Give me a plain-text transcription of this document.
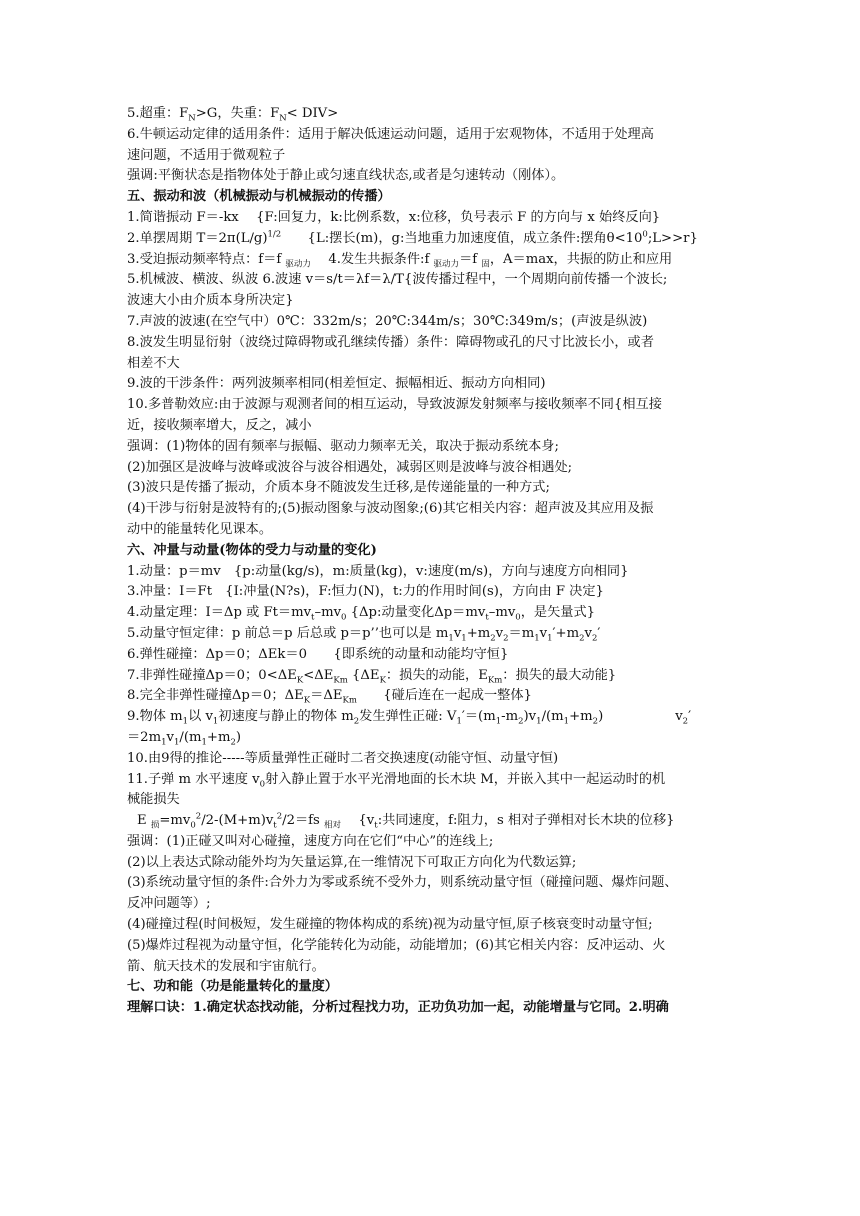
5.超重：$F_N>G$，失重：$F_N< DIV>$
6.牛顿运动定律的适用条件：适用于解决低速运动问题，适用于宏观物体，不适用于处理高
速问题，不适用于微观粒子
强调:平衡状态是指物体处于静止或匀速直线状态,或者是匀速转动（刚体）。
五、振动和波（机械振动与机械振动的传播）
1.简谐振动 F＝-kx　 {F:回复力，k:比例系数，x:位移，负号表示 F 的方向与 x 始终反向}
2.单摆周期 $T=2\pi(L/g)^{1/2}$　　{L:摆长(m)，g:当地重力加速度值，成立条件:摆角$\theta<10^0;L>>r$}
3.受迫振动频率特点：f＝f $_{驱动力}$　 4.发生共振条件:f $_{驱动力}$＝f $_固$，A＝max，共振的防止和应用
5.机械波、横波、纵波 6.波速 v＝s/t＝λf＝λ/T{波传播过程中，一个周期向前传播一个波长;
波速大小由介质本身所决定}
7.声波的波速(在空气中）0℃：332m/s；20℃:344m/s；30℃:349m/s；(声波是纵波)
8.波发生明显衍射（波绕过障碍物或孔继续传播）条件：障碍物或孔的尺寸比波长小，或者
相差不大
9.波的干涉条件：两列波频率相同(相差恒定、振幅相近、振动方向相同)
10.多普勒效应:由于波源与观测者间的相互运动，导致波源发射频率与接收频率不同{相互接
近，接收频率增大，反之，减小
强调：(1)物体的固有频率与振幅、驱动力频率无关，取决于振动系统本身;
(2)加强区是波峰与波峰或波谷与波谷相遇处，减弱区则是波峰与波谷相遇处;
(3)波只是传播了振动，介质本身不随波发生迁移,是传递能量的一种方式;
(4)干涉与衍射是波特有的;(5)振动图象与波动图象;(6)其它相关内容：超声波及其应用及振
动中的能量转化见课本。
六、冲量与动量(物体的受力与动量的变化)
1.动量：p＝mv　{p:动量(kg/s)，m:质量(kg)，v:速度(m/s)，方向与速度方向相同}
3.冲量：I＝Ft　{I:冲量(N?s)，F:恒力(N)，t:力的作用时间(s)，方向由 F 决定}
4.动量定理：I＝Δp 或 $Ft=mv_t-mv_0$ {Δp:动量变化$\Delta p=mv_t-mv_0$，是矢量式}
5.动量守恒定律：p 前总＝p 后总或 p＝p’’也可以是 $m_1v_1+m_2v_2=m_1v_1'+m_2v_2'$
6.弹性碰撞：Δp＝0；ΔEk＝0　　{即系统的动量和动能均守恒}
7.非弹性碰撞Δp＝0；$0<\Delta E_K<\Delta E_{Km}$ {$\Delta E_K$：损失的动能，$E_{Km}$：损失的最大动能}
8.完全非弹性碰撞Δp＝0；$\Delta E_K=\Delta E_{Km}$　　{碰后连在一起成一整体}
9.物体 $m_1$以 $v_1$初速度与静止的物体 $m_2$发生弹性正碰: $V_1'=(m_1-m_2)v_1/(m_1+m_2)$	$v_2'$
$=2m_1v_1/(m_1+m_2)$
10.由9得的推论-----等质量弹性正碰时二者交换速度(动能守恒、动量守恒)
11.子弹 m 水平速度 $v_0$射入静止置于水平光滑地面的长木块 M，并嵌入其中一起运动时的机
械能损失
E $_损=mv_0^2/2-(M+m)v_t^2/2=fs$ $_{相对}$　 {$v_t$:共同速度，f:阻力，s 相对子弹相对长木块的位移}
强调：(1)正碰又叫对心碰撞，速度方向在它们“中心”的连线上;
(2)以上表达式除动能外均为矢量运算,在一维情况下可取正方向化为代数运算;
(3)系统动量守恒的条件:合外力为零或系统不受外力，则系统动量守恒（碰撞问题、爆炸问题、
反冲问题等）;
(4)碰撞过程(时间极短，发生碰撞的物体构成的系统)视为动量守恒,原子核衰变时动量守恒;
(5)爆炸过程视为动量守恒，化学能转化为动能，动能增加；(6)其它相关内容：反冲运动、火
箭、航天技术的发展和宇宙航行。
七、功和能（功是能量转化的量度）
理解口诀：1.确定状态找动能，分析过程找力功，正功负功加一起，动能增量与它同。2.明确
